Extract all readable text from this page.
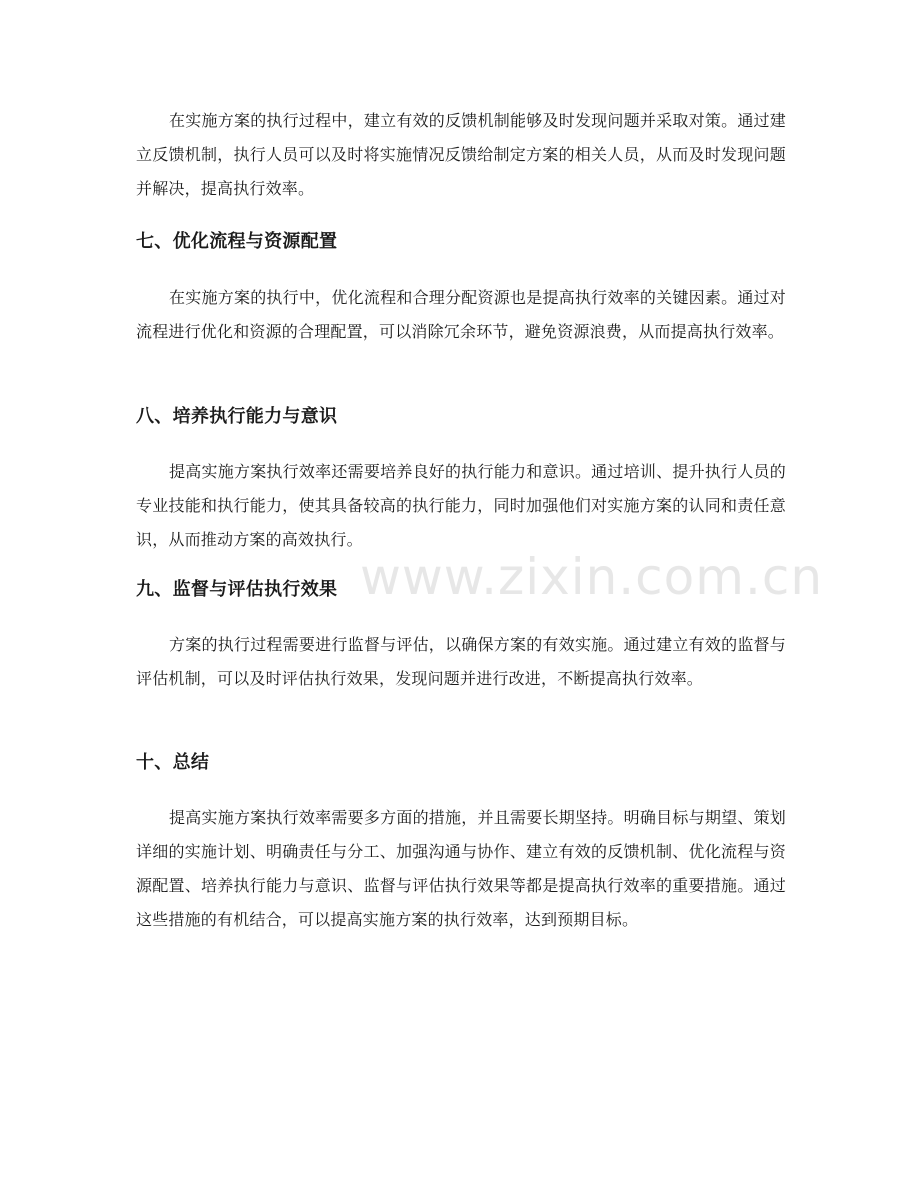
在实施方案的执行过程中，建立有效的反馈机制能够及时发现问题并采取对策。通过建立反馈机制，执行人员可以及时将实施情况反馈给制定方案的相关人员，从而及时发现问题并解决，提高执行效率。

七、优化流程与资源配置

在实施方案的执行中，优化流程和合理分配资源也是提高执行效率的关键因素。通过对流程进行优化和资源的合理配置，可以消除冗余环节，避免资源浪费，从而提高执行效率。

八、培养执行能力与意识

提高实施方案执行效率还需要培养良好的执行能力和意识。通过培训、提升执行人员的专业技能和执行能力，使其具备较高的执行能力，同时加强他们对实施方案的认同和责任意识，从而推动方案的高效执行。

九、监督与评估执行效果

方案的执行过程需要进行监督与评估，以确保方案的有效实施。通过建立有效的监督与评估机制，可以及时评估执行效果，发现问题并进行改进，不断提高执行效率。

十、总结

提高实施方案执行效率需要多方面的措施，并且需要长期坚持。明确目标与期望、策划详细的实施计划、明确责任与分工、加强沟通与协作、建立有效的反馈机制、优化流程与资源配置、培养执行能力与意识、监督与评估执行效果等都是提高执行效率的重要措施。通过这些措施的有机结合，可以提高实施方案的执行效率，达到预期目标。

www.zixin.com.cn
